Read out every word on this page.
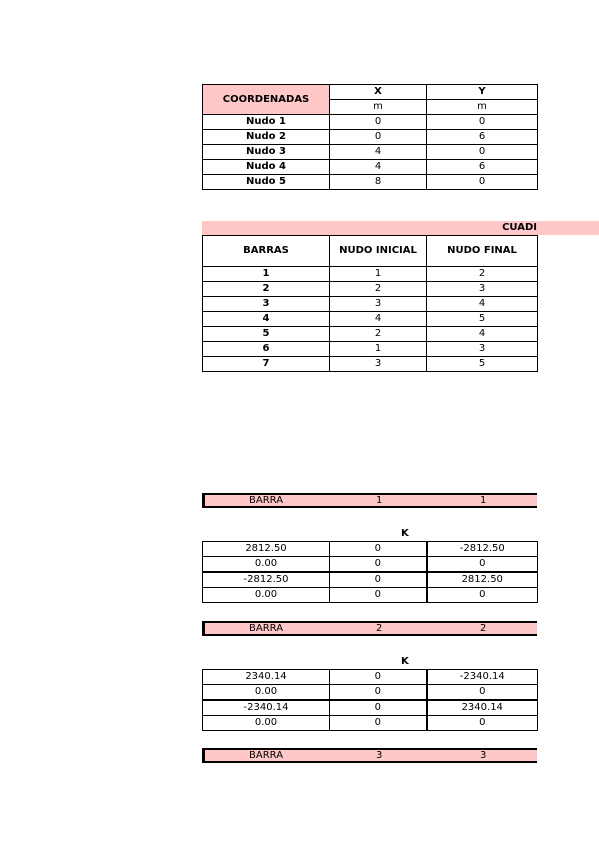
COORDENADAS	X	Y
	m	m
Nudo 1	0	0
Nudo 2	0	6
Nudo 3	4	0
Nudo 4	4	6
Nudo 5	8	0
CUADI
BARRAS	NUDO INICIAL	NUDO FINAL
1	1	2
2	2	3
3	3	4
4	4	5
5	2	4
6	1	3
7	3	5
BARRA	1	1
K
2812.50	0	-2812.50
0.00	0	0
-2812.50	0	2812.50
0.00	0	0
BARRA	2	2
K
2340.14	0	-2340.14
0.00	0	0
-2340.14	0	2340.14
0.00	0	0
BARRA	3	3
